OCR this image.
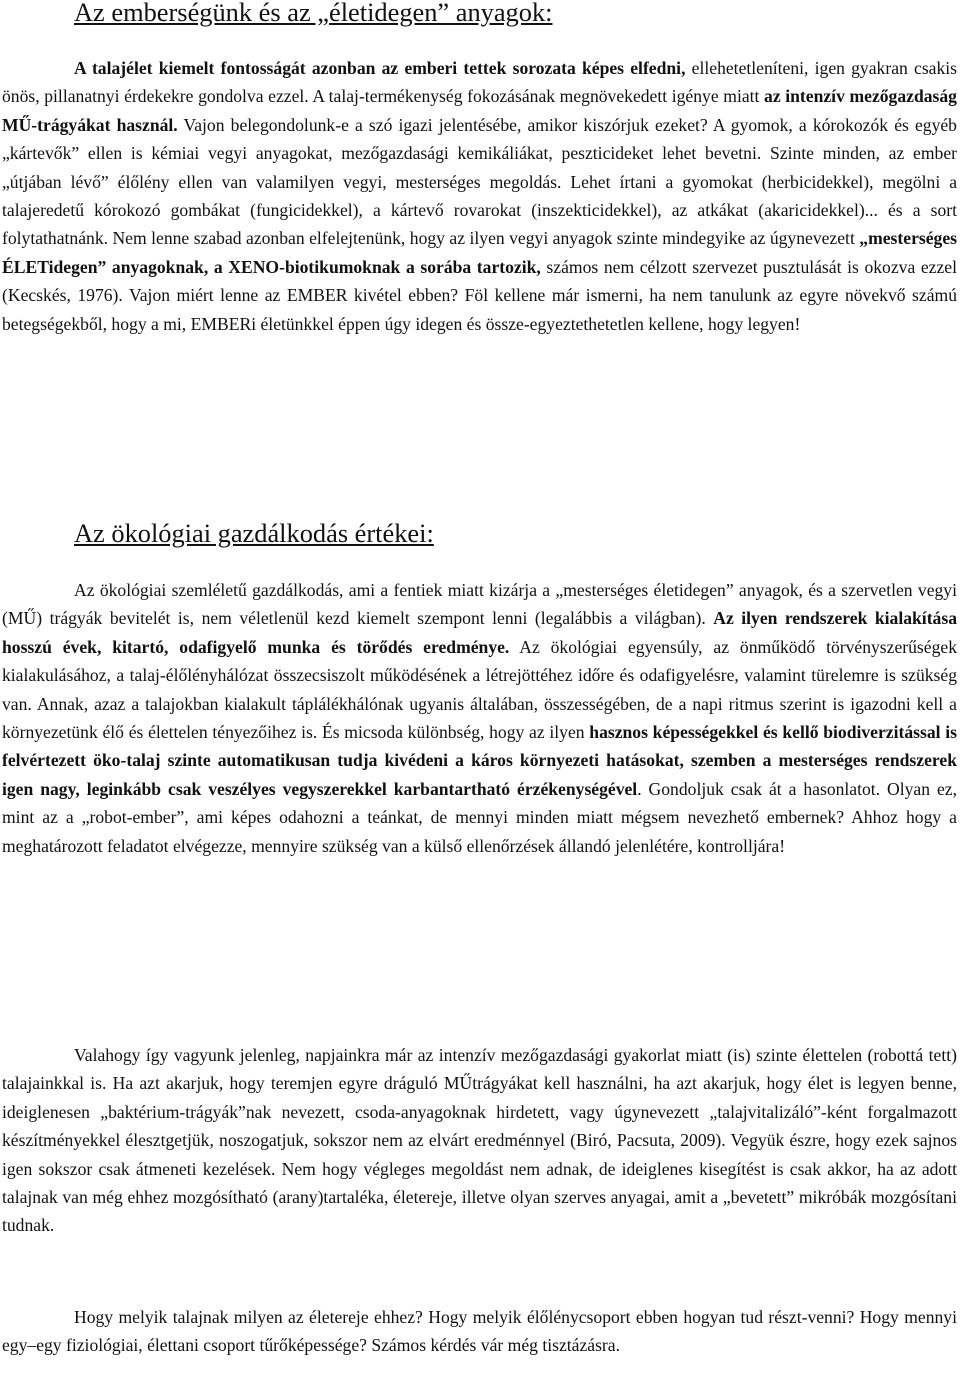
Az emberségünk és az „életidegen” anyagok:

A talajélet kiemelt fontosságát azonban az emberi tettek sorozata képes elfedni, ellehetetleníteni, igen gyakran csakis önös, pillanatnyi érdekekre gondolva ezzel. A talaj-termékenység fokozásának megnövekedett igénye miatt az intenzív mezőgazdaság MŰ-trágyákat használ. Vajon belegondolunk-e a szó igazi jelentésébe, amikor kiszórjuk ezeket? A gyomok, a kórokozók és egyéb „kártevők” ellen is kémiai vegyi anyagokat, mezőgazdasági kemikáliákat, peszticideket lehet bevetni. Szinte minden, az ember „útjában lévő” élőlény ellen van valamilyen vegyi, mesterséges megoldás. Lehet írtani a gyomokat (herbicidekkel), megölni a talajeredetű kórokozó gombákat (fungicidekkel), a kártevő rovarokat (inszekticidekkel), az atkákat (akaricidekkel)... és a sort folytathatnánk. Nem lenne szabad azonban elfelejtenünk, hogy az ilyen vegyi anyagok szinte mindegyike az úgynevezett „mesterséges ÉLETidegen” anyagoknak, a XENO-biotikumoknak a sorába tartozik, számos nem célzott szervezet pusztulását is okozva ezzel (Kecskés, 1976). Vajon miért lenne az EMBER kivétel ebben? Föl kellene már ismerni, ha nem tanulunk az egyre növekvő számú betegségekből, hogy a mi, EMBERi életünkkel éppen úgy idegen és össze-egyeztethetetlen kellene, hogy legyen!

Az ökológiai gazdálkodás értékei:

Az ökológiai szemléletű gazdálkodás, ami a fentiek miatt kizárja a „mesterséges életidegen” anyagok, és a szervetlen vegyi (MŰ) trágyák bevitelét is, nem véletlenül kezd kiemelt szempont lenni (legalábbis a világban). Az ilyen rendszerek kialakítása hosszú évek, kitartó, odafigyelő munka és törődés eredménye. Az ökológiai egyensúly, az önműködő törvényszerűségek kialakulásához, a talaj-élőlényhálózat összecsiszolt működésének a létrejöttéhez időre és odafigyelésre, valamint türelemre is szükség van. Annak, azaz a talajokban kialakult táplálékhálónak ugyanis általában, összességében, de a napi ritmus szerint is igazodni kell a környezetünk élő és élettelen tényezőihez is. És micsoda különbség, hogy az ilyen hasznos képességekkel és kellő biodiverzitással is felvértezett öko-talaj szinte automatikusan tudja kivédeni a káros környezeti hatásokat, szemben a mesterséges rendszerek igen nagy, leginkább csak veszélyes vegyszerekkel karbantartható érzékenységével. Gondoljuk csak át a hasonlatot. Olyan ez, mint az a „robot-ember”, ami képes odahozni a teánkat, de mennyi minden miatt mégsem nevezhető embernek? Ahhoz hogy a meghatározott feladatot elvégezze, mennyire szükség van a külső ellenőrzések állandó jelenlétére, kontrolljára!

Valahogy így vagyunk jelenleg, napjainkra már az intenzív mezőgazdasági gyakorlat miatt (is) szinte élettelen (robottá tett) talajainkkal is. Ha azt akarjuk, hogy teremjen egyre dráguló MŰtrágyákat kell használni, ha azt akarjuk, hogy élet is legyen benne, ideiglenesen „baktérium-trágyák”nak nevezett, csoda-anyagoknak hirdetett, vagy úgynevezett „talajvitalizáló”-ként forgalmazott készítményekkel élesztgetjük, noszogatjuk, sokszor nem az elvárt eredménnyel (Biró, Pacsuta, 2009). Vegyük észre, hogy ezek sajnos igen sokszor csak átmeneti kezelések. Nem hogy végleges megoldást nem adnak, de ideiglenes kisegítést is csak akkor, ha az adott talajnak van még ehhez mozgósítható (arany)tartaléka, életereje, illetve olyan szerves anyagai, amit a „bevetett” mikróbák mozgósítani tudnak.

Hogy melyik talajnak milyen az életereje ehhez? Hogy melyik élőlénycsoport ebben hogyan tud részt-venni? Hogy mennyi egy–egy fiziológiai, élettani csoport tűrőképessége? Számos kérdés vár még tisztázásra.
